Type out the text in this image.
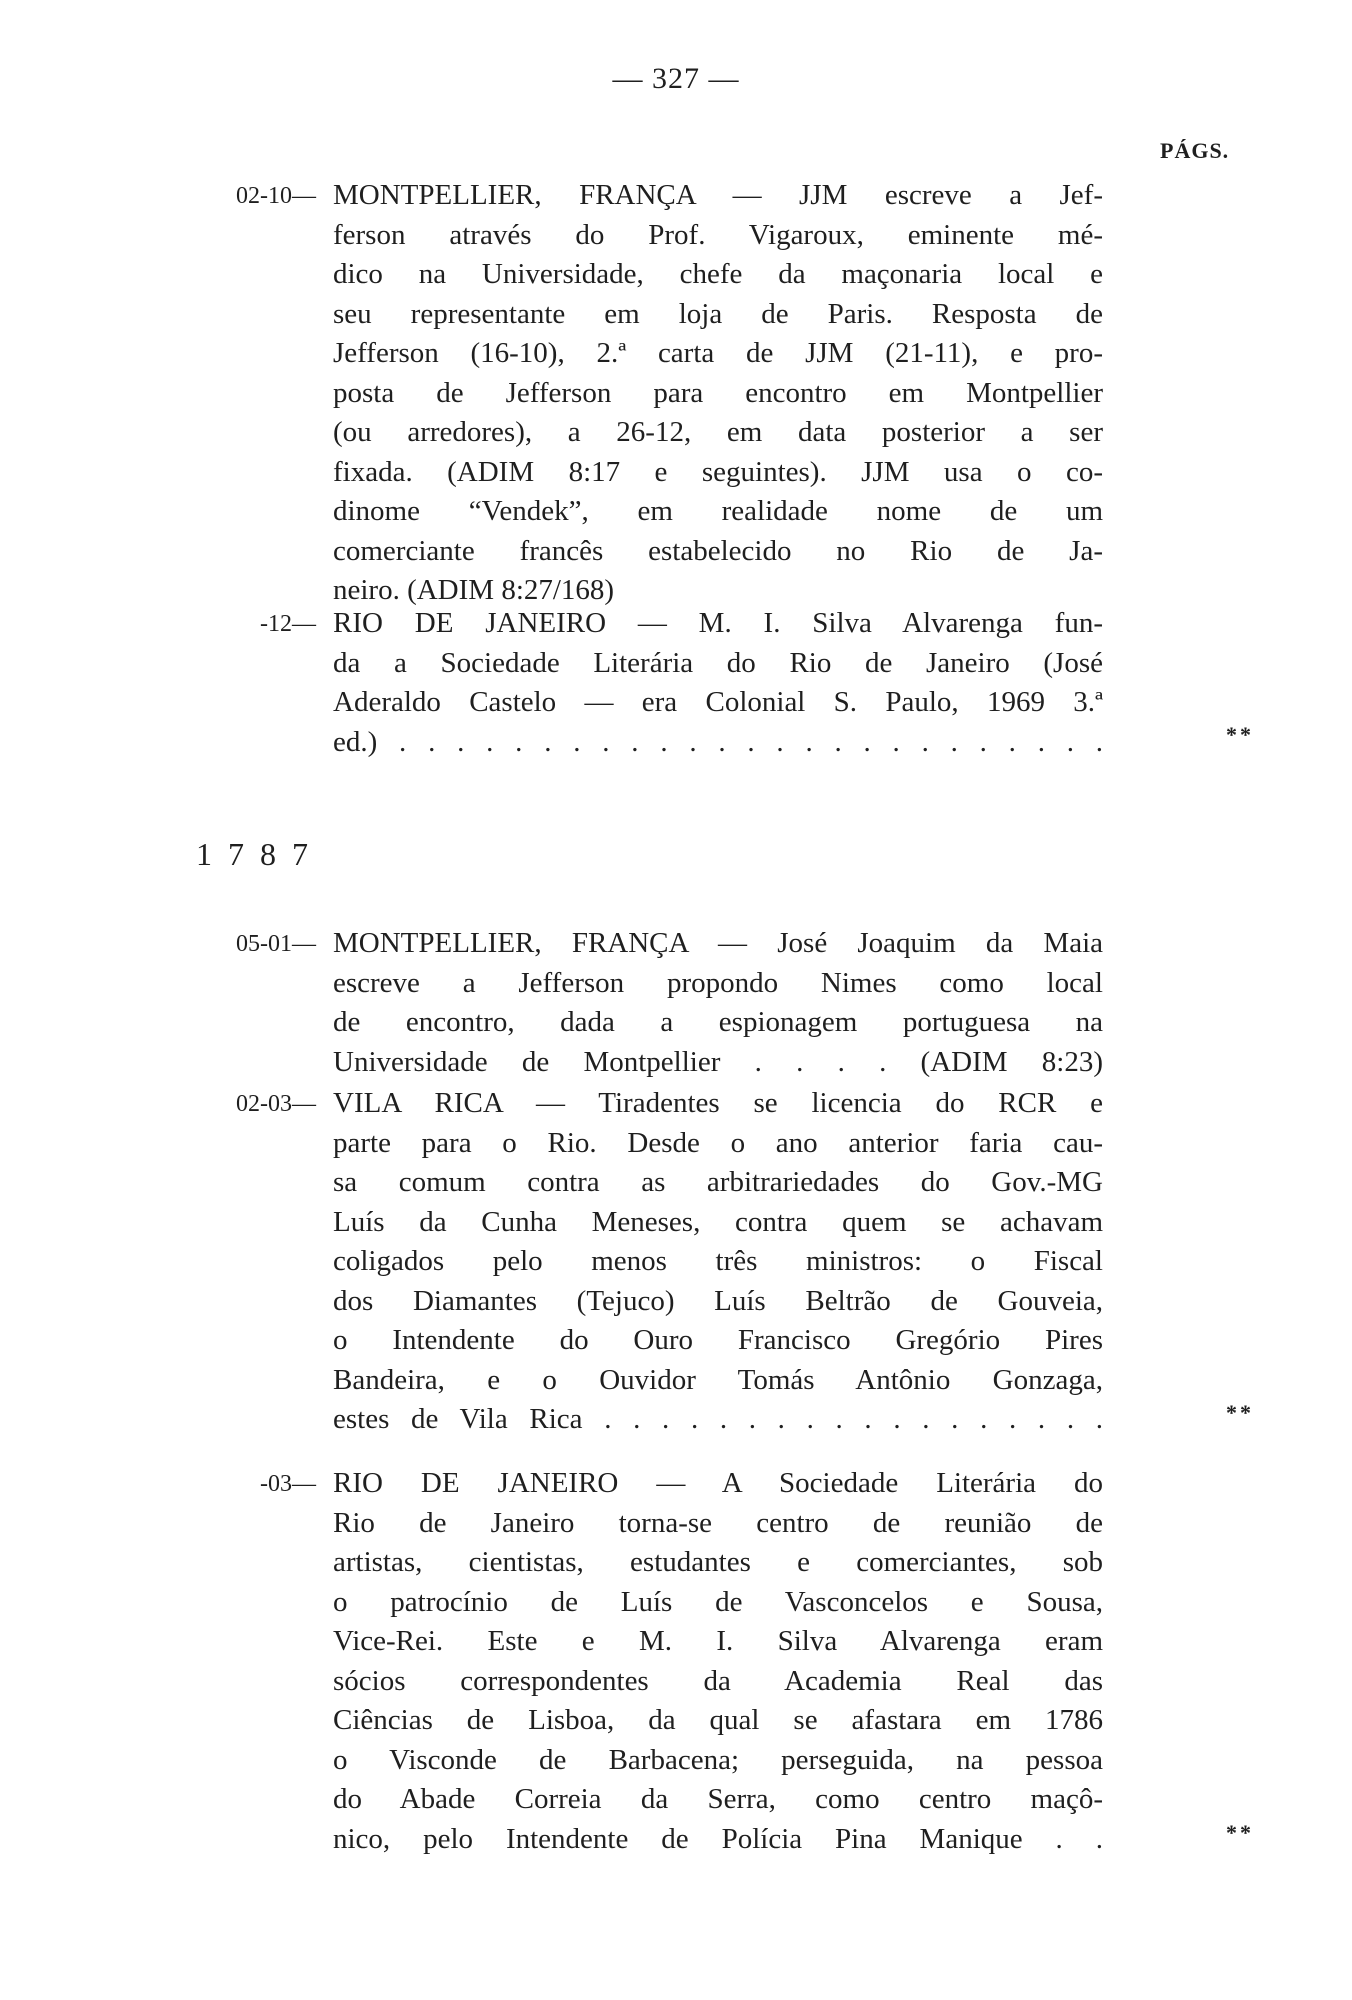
— 327 —
PÁGS.
02-10 — MONTPELLIER, FRANÇA — JJM escreve a Jef-
ferson através do Prof. Vigaroux, eminente mé-
dico na Universidade, chefe da maçonaria local e
seu representante em loja de Paris. Resposta de
Jefferson (16-10), 2.ª carta de JJM (21-11), e pro-
posta de Jefferson para encontro em Montpellier
(ou arredores), a 26-12, em data posterior a ser
fixada. (ADIM 8:17 e seguintes). JJM usa o co-
dinome “Vendek”, em realidade nome de um
comerciante francês estabelecido no Rio de Ja-
neiro. (ADIM 8:27/168)
-12 — RIO DE JANEIRO — M. I. Silva Alvarenga fun-
da a Sociedade Literária do Rio de Janeiro (José
Aderaldo Castelo — era Colonial S. Paulo, 1969 3.ª
ed.) . . . . . . . . . . . . . . . . . . . . . . . . .	**
1787
05-01 — MONTPELLIER, FRANÇA — José Joaquim da Maia
escreve a Jefferson propondo Nimes como local
de encontro, dada a espionagem portuguesa na
Universidade de Montpellier . . . . (ADIM 8:23)
02-03 — VILA RICA — Tiradentes se licencia do RCR e
parte para o Rio. Desde o ano anterior faria cau-
sa comum contra as arbitrariedades do Gov.-MG
Luís da Cunha Meneses, contra quem se achavam
coligados pelo menos três ministros: o Fiscal
dos Diamantes (Tejuco) Luís Beltrão de Gouveia,
o Intendente do Ouro Francisco Gregório Pires
Bandeira, e o Ouvidor Tomás Antônio Gonzaga,
estes de Vila Rica . . . . . . . . . . . . . . . . . .	**
-03 — RIO DE JANEIRO — A Sociedade Literária do
Rio de Janeiro torna-se centro de reunião de
artistas, cientistas, estudantes e comerciantes, sob
o patrocínio de Luís de Vasconcelos e Sousa,
Vice-Rei. Este e M. I. Silva Alvarenga eram
sócios correspondentes da Academia Real das
Ciências de Lisboa, da qual se afastara em 1786
o Visconde de Barbacena; perseguida, na pessoa
do Abade Correia da Serra, como centro maçô-
nico, pelo Intendente de Polícia Pina Manique . .	**
